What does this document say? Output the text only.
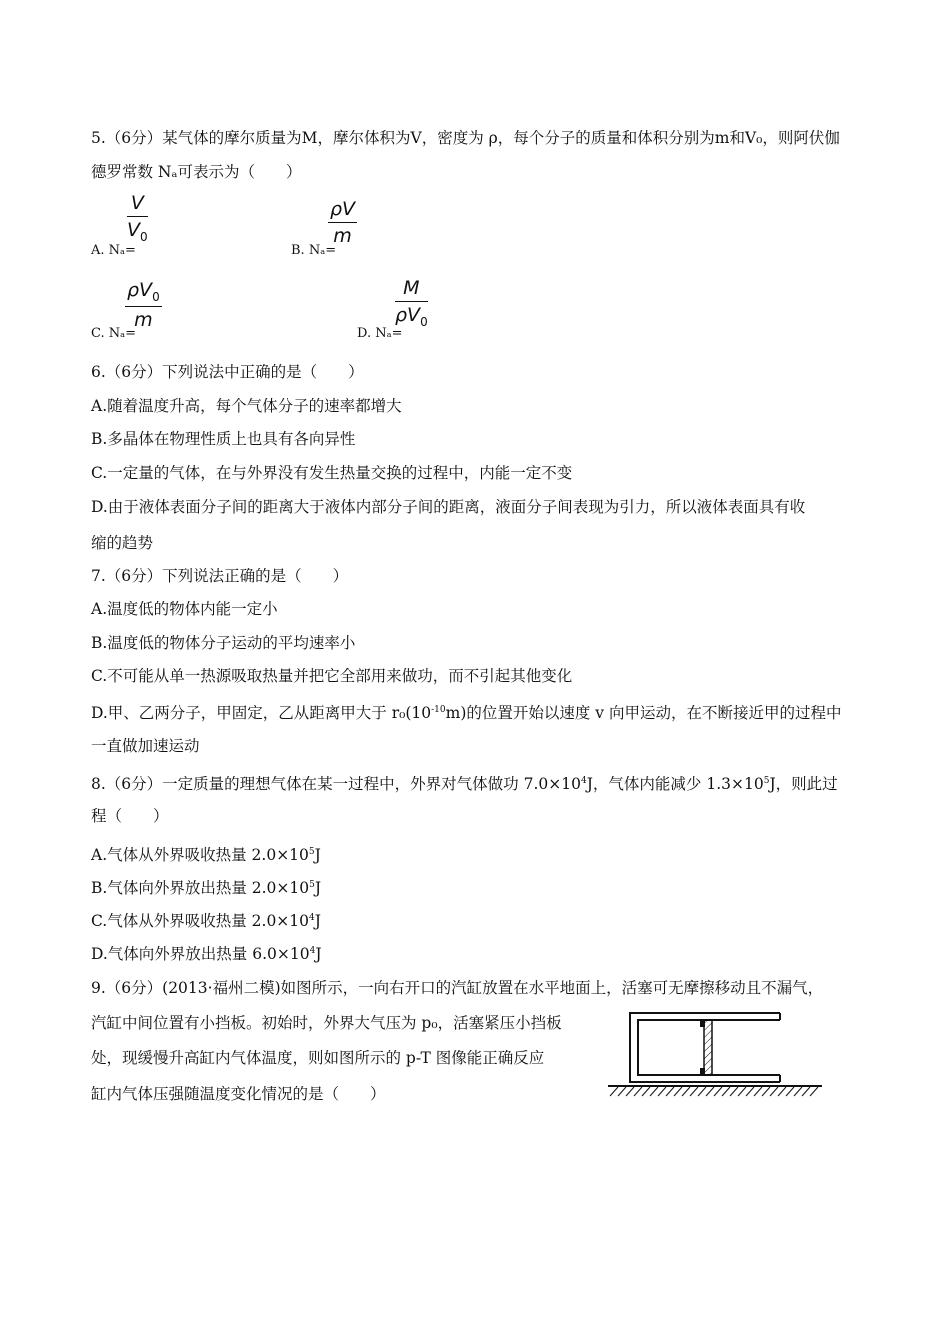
5.（6分）某气体的摩尔质量为M，摩尔体积为V，密度为 ρ，每个分子的质量和体积分别为m和V₀，则阿伏伽
德罗常数 Nₐ可表示为（　　）
A. Nₐ=
V
$V_0$
B. Nₐ=
ρV
m
C. Nₐ=
$\rho V_0$
m
D. Nₐ=
M
$\rho V_0$
6.（6分）下列说法中正确的是（　　）
A.随着温度升高，每个气体分子的速率都增大
B.多晶体在物理性质上也具有各向异性
C.一定量的气体，在与外界没有发生热量交换的过程中，内能一定不变
D.由于液体表面分子间的距离大于液体内部分子间的距离，液面分子间表现为引力，所以液体表面具有收
缩的趋势
7.（6分）下列说法正确的是（　　）
A.温度低的物体内能一定小
B.温度低的物体分子运动的平均速率小
C.不可能从单一热源吸取热量并把它全部用来做功，而不引起其他变化
D.甲、乙两分子，甲固定，乙从距离甲大于 $r_0(10^{-10}m)$的位置开始以速度 v 向甲运动，在不断接近甲的过程中
一直做加速运动
8.（6分）一定质量的理想气体在某一过程中，外界对气体做功 $7.0\times 10^4J$，气体内能减少 $1.3\times 10^5J$，则此过
程（　　）
A.气体从外界吸收热量 $2.0\times 10^5J$
B.气体向外界放出热量 $2.0\times 10^5J$
C.气体从外界吸收热量 $2.0\times 10^4J$
D.气体向外界放出热量 $6.0\times 10^4J$
9.（6分）(2013·福州二模)如图所示，一向右开口的汽缸放置在水平地面上，活塞可无摩擦移动且不漏气，
汽缸中间位置有小挡板。初始时，外界大气压为 p₀，活塞紧压小挡板
处，现缓慢升高缸内气体温度，则如图所示的 p-T 图像能正确反应
缸内气体压强随温度变化情况的是（　　）
